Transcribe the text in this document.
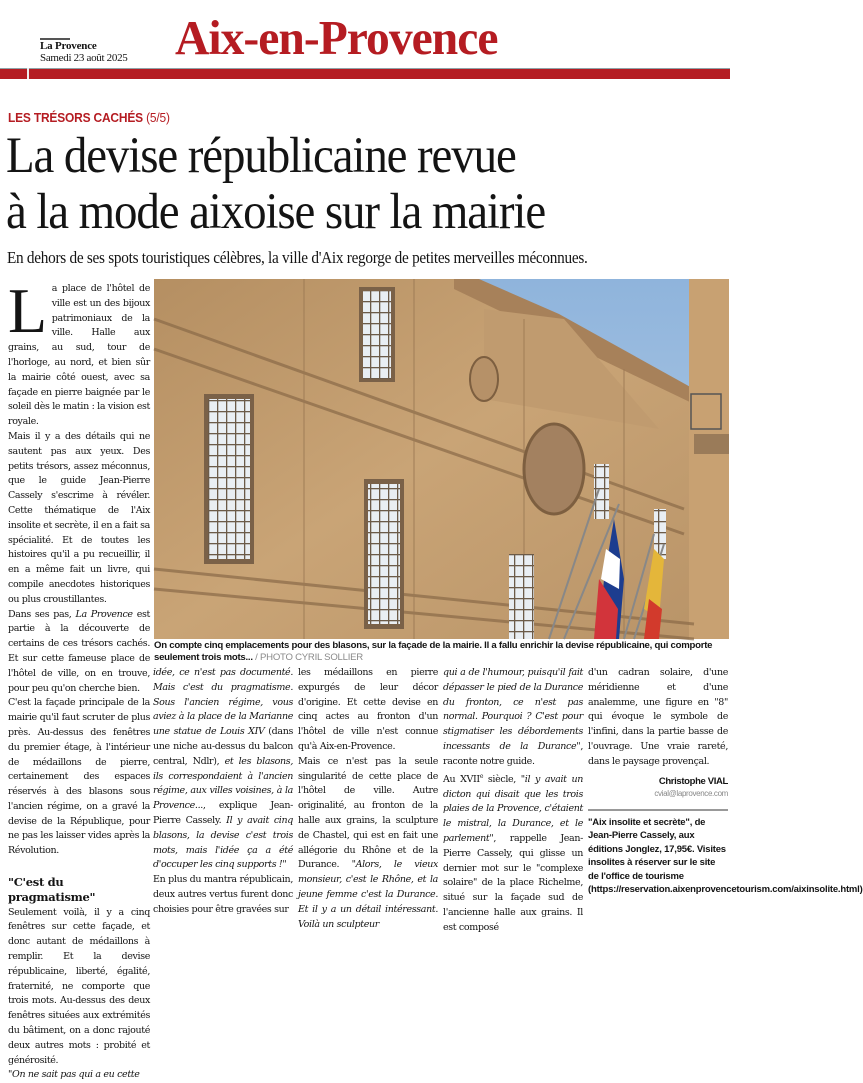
La Provence
Samedi 23 août 2025 Aix-en-Provence
LES TRÉSORS CACHÉS (5/5)
La devise républicaine revue
à la mode aixoise sur la mairie
En dehors de ses spots touristiques célèbres, la ville d'Aix regorge de petites merveilles méconnues.
On compte cinq emplacements pour des blasons, sur la façade de la mairie. Il a fallu enrichir la devise républicaine, qui comporte seulement trois mots... / PHOTO CYRIL SOLLIER

La place de l'hôtel de ville est un des bijoux patrimoniaux de la ville. Halle aux grains, au sud, tour de l'horloge, au nord, et bien sûr la mairie côté ouest, avec sa façade en pierre baignée par le soleil dès le matin : la vision est royale.

Mais il y a des détails qui ne sautent pas aux yeux. Des petits trésors, assez méconnus, que le guide Jean-Pierre Cassely s'escrime à révéler. Cette thématique de l'Aix insolite et secrète, il en a fait sa spécialité. Et de toutes les histoires qu'il a pu recueillir, il en a même fait un livre, qui compile anecdotes historiques ou plus croustillantes.

Dans ses pas, La Provence est partie à la découverte de certains de ces trésors cachés. Et sur cette fameuse place de l'hôtel de ville, on en trouve, pour peu qu'on cherche bien.

C'est la façade principale de la mairie qu'il faut scruter de plus près. Au-dessus des fenêtres du premier étage, à l'intérieur de médaillons de pierre, certainement des espaces réservés à des blasons sous l'ancien régime, on a gravé la devise de la République, pour ne pas les laisser vides après la Révolution.

"C'est du pragmatisme"

Seulement voilà, il y a cinq fenêtres sur cette façade, et donc autant de médaillons à remplir. Et la devise républicaine, liberté, égalité, fraternité, ne comporte que trois mots. Au-dessus des deux fenêtres situées aux extrémités du bâtiment, on a donc rajouté deux autres mots : probité et générosité.

"On ne sait pas qui a eu cette

idée, ce n'est pas documenté. Mais c'est du pragmatisme. Sous l'ancien régime, vous aviez à la place de la Marianne une statue de Louis XIV (dans une niche au-dessus du balcon central, Ndlr), et les blasons, ils correspondaient à l'ancien régime, aux villes voisines, à la Provence..., explique Jean-Pierre Cassely. Il y avait cinq blasons, la devise c'est trois mots, mais l'idée ça a été d'occuper les cinq supports !"

En plus du mantra républicain, deux autres vertus furent donc choisies pour être gravées sur

les médaillons en pierre expurgés de leur décor d'origine. Et cette devise en cinq actes au fronton d'un l'hôtel de ville n'est connue qu'à Aix-en-Provence.

Mais ce n'est pas la seule singularité de cette place de l'hôtel de ville. Autre originalité, au fronton de la halle aux grains, la sculpture de Chastel, qui est en fait une allégorie du Rhône et de la Durance. "Alors, le vieux monsieur, c'est le Rhône, et la jeune femme c'est la Durance. Et il y a un détail intéressant. Voilà un sculpteur

qui a de l'humour, puisqu'il fait dépasser le pied de la Durance du fronton, ce n'est pas normal. Pourquoi ? C'est pour stigmatiser les débordements incessants de la Durance", raconte notre guide.

Au XVIIe siècle, "il y avait un dicton qui disait que les trois plaies de la Provence, c'étaient le mistral, la Durance, et le parlement", rappelle Jean-Pierre Cassely, qui glisse un dernier mot sur le "complexe solaire" de la place Richelme, situé sur la façade sud de l'ancienne halle aux grains. Il est composé

d'un cadran solaire, d'une méridienne et d'une analemme, une figure en "8" qui évoque le symbole de l'infini, dans la partie basse de l'ouvrage. Une vraie rareté, dans le paysage provençal.

Christophe VIAL
cvial@laprovence.com
"Aix insolite et secrète", de Jean-Pierre Cassely, aux éditions Jonglez, 17,95€. Visites insolites à réserver sur le site de l'office de tourisme (https://reservation.aixenprovencetourism.com/aixinsolite.html)
